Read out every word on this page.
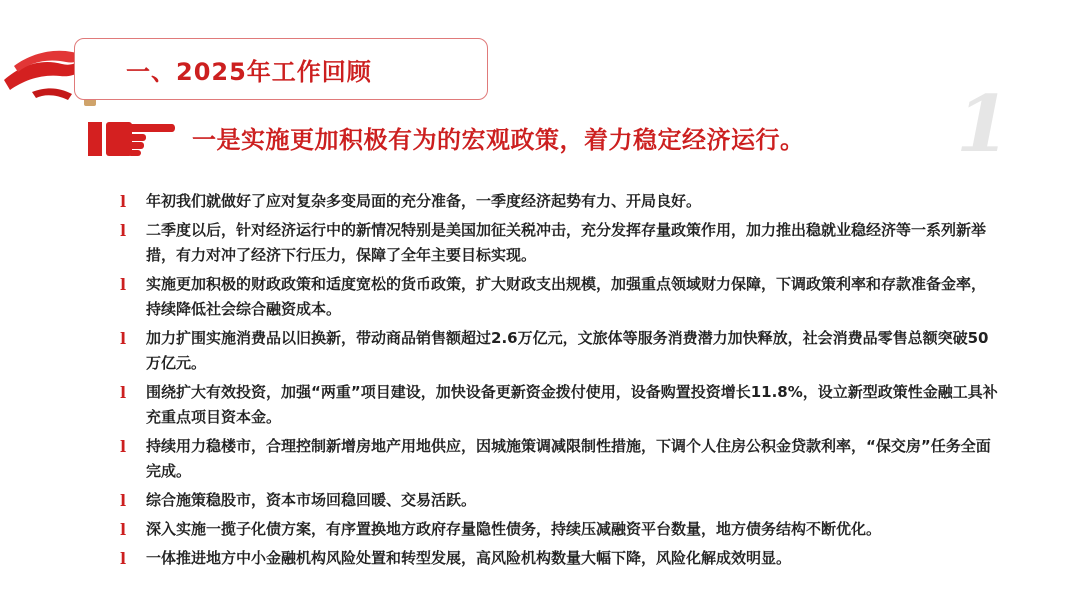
一、2025年工作回顾
1
一是实施更加积极有为的宏观政策，着力稳定经济运行。
l 年初我们就做好了应对复杂多变局面的充分准备，一季度经济起势有力、开局良好。
l 二季度以后，针对经济运行中的新情况特别是美国加征关税冲击，充分发挥存量政策作用，加力推出稳就业稳经济等一系列新举措，有力对冲了经济下行压力，保障了全年主要目标实现。
l 实施更加积极的财政政策和适度宽松的货币政策，扩大财政支出规模，加强重点领域财力保障，下调政策利率和存款准备金率，持续降低社会综合融资成本。
l 加力扩围实施消费品以旧换新，带动商品销售额超过2.6万亿元，文旅体等服务消费潜力加快释放，社会消费品零售总额突破50万亿元。
l 围绕扩大有效投资，加强“两重”项目建设，加快设备更新资金拨付使用，设备购置投资增长11.8%，设立新型政策性金融工具补充重点项目资本金。
l 持续用力稳楼市，合理控制新增房地产用地供应，因城施策调减限制性措施，下调个人住房公积金贷款利率，“保交房”任务全面完成。
l 综合施策稳股市，资本市场回稳回暖、交易活跃。
l 深入实施一揽子化债方案，有序置换地方政府存量隐性债务，持续压减融资平台数量，地方债务结构不断优化。
l 一体推进地方中小金融机构风险处置和转型发展，高风险机构数量大幅下降，风险化解成效明显。
